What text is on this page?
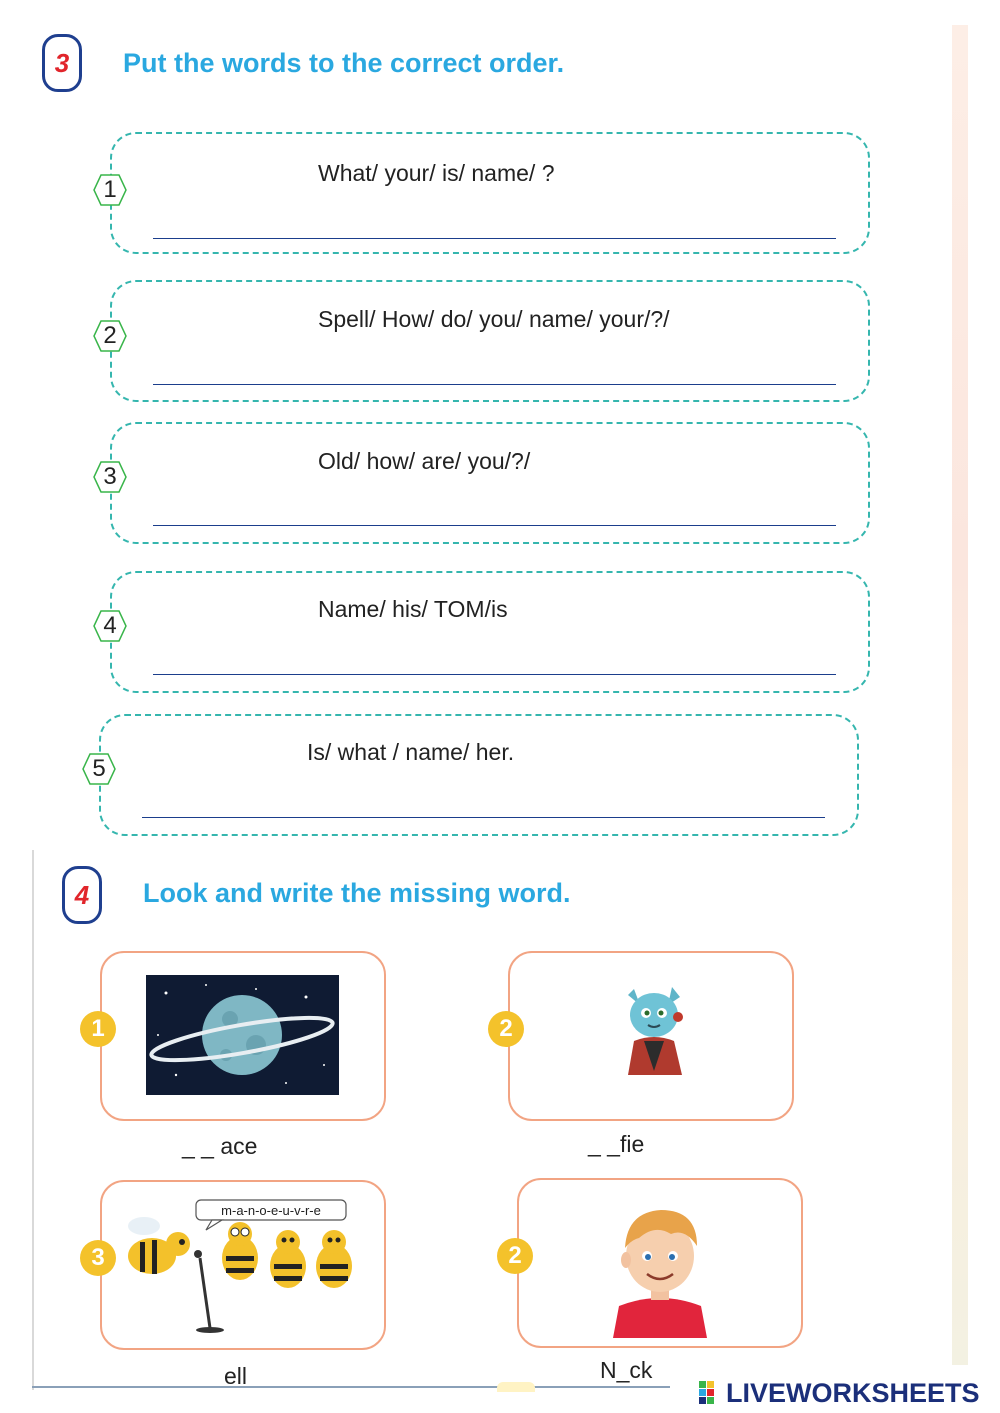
3 Put the words to the correct order.
1
What/ your/ is/ name/ ?
2
Spell/ How/ do/ you/ name/ your/?/
3
Old/ how/ are/ you/?/
4
Name/ his/ TOM/is
5
Is/ what / name/ her.
4 Look and write the missing word.
1
_ _ ace
2
_ _fie
m-a-n-o-e-u-v-r-e
3
ell
2
N_ck
LIVEWORKSHEETS
